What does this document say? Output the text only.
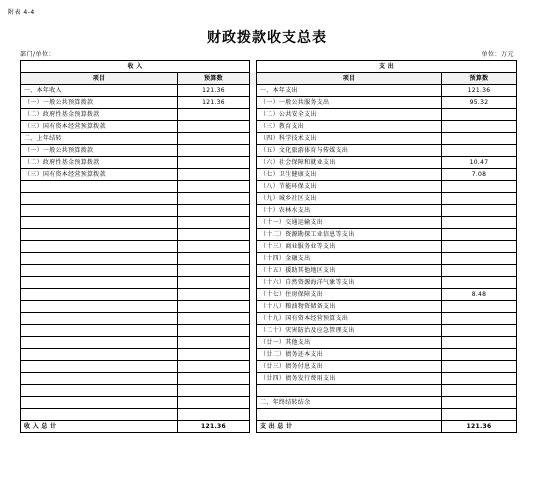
附表 4-4
财政拨款收支总表
部门/单位：	单位：万元
收 入			支 出	
项目	预算数		项目	预算数
一、本年收入	121.36		一、本年支出	121.36
（一）一般公共预算拨款	121.36		（一）一般公共服务支出	95.32
（二）政府性基金预算拨款			（二）公共安全支出	
（三）国有资本经营预算拨款			（三）教育支出	
二、上年结转			（四）科学技术支出	
（一）一般公共预算拨款			（五）文化旅游体育与传媒支出	
（二）政府性基金预算拨款			（六）社会保障和就业支出	10.47
（三）国有资本经营预算拨款			（七）卫生健康支出	7.08
			（八）节能环保支出	
			（九）城乡社区支出	
			（十）农林水支出	
			（十一）交通运输支出	
			（十二）资源勘探工业信息等支出	
			（十三）商业服务业等支出	
			（十四）金融支出	
			（十五）援助其他地区支出	
			（十六）自然资源海洋气象等支出	
			（十七）住房保障支出	8.48
			（十八）粮油物资储备支出	
			（十九）国有资本经营预算支出	
			（二十）灾害防治及应急管理支出	
			（廿一）其他支出	
			（廿二）债务还本支出	
			（廿三）债务付息支出	
			（廿四）债务发行费用支出	

			二、年终结转结余	

收 入 总 计	121.36		支 出 总 计	121.36
